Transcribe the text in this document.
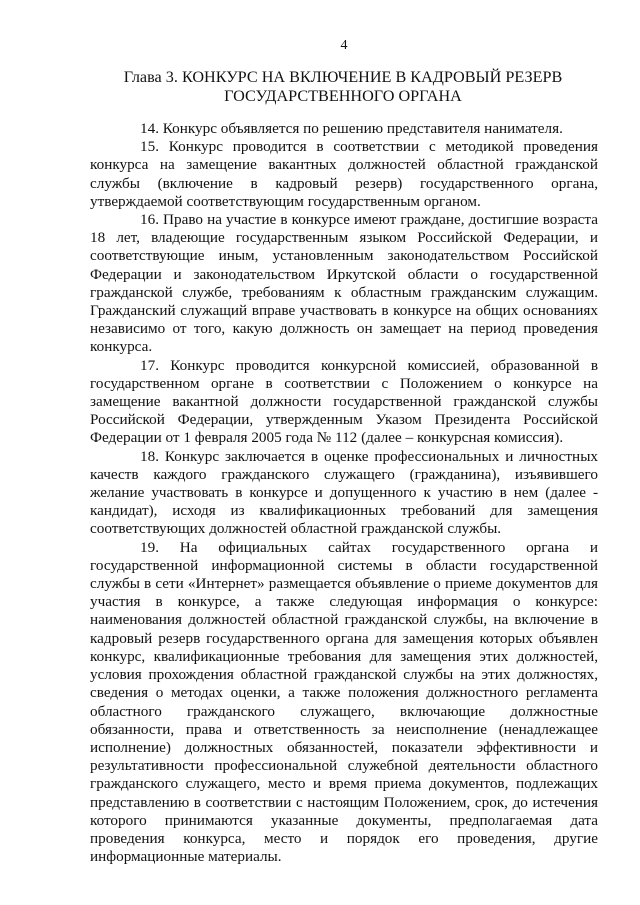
4
Глава 3. КОНКУРС НА ВКЛЮЧЕНИЕ В КАДРОВЫЙ РЕЗЕРВ
ГОСУДАРСТВЕННОГО ОРГАНА

14. Конкурс объявляется по решению представителя нанимателя.

15. Конкурс проводится в соответствии с методикой проведения конкурса на замещение вакантных должностей областной гражданской службы (включение в кадровый резерв) государственного органа, утверждаемой соответствующим государственным органом.

16. Право на участие в конкурсе имеют граждане, достигшие возраста 18 лет, владеющие государственным языком Российской Федерации, и соответствующие иным, установленным законодательством Российской Федерации и законодательством Иркутской области о государственной гражданской службе, требованиям к областным гражданским служащим. Гражданский служащий вправе участвовать в конкурсе на общих основаниях независимо от того, какую должность он замещает на период проведения конкурса.

17. Конкурс проводится конкурсной комиссией, образованной в государственном органе в соответствии с Положением о конкурсе на замещение вакантной должности государственной гражданской службы Российской Федерации, утвержденным Указом Президента Российской Федерации от 1 февраля 2005 года № 112 (далее – конкурсная комиссия).

18. Конкурс заключается в оценке профессиональных и личностных качеств каждого гражданского служащего (гражданина), изъявившего желание участвовать в конкурсе и допущенного к участию в нем (далее - кандидат), исходя из квалификационных требований для замещения соответствующих должностей областной гражданской службы.

19. На официальных сайтах государственного органа и государственной информационной системы в области государственной службы в сети «Интернет» размещается объявление о приеме документов для участия в конкурсе, а также следующая информация о конкурсе: наименования должностей областной гражданской службы, на включение в кадровый резерв государственного органа для замещения которых объявлен конкурс, квалификационные требования для замещения этих должностей, условия прохождения областной гражданской службы на этих должностях, сведения о методах оценки, а также положения должностного регламента областного гражданского служащего, включающие должностные обязанности, права и ответственность за неисполнение (ненадлежащее исполнение) должностных обязанностей, показатели эффективности и результативности профессиональной служебной деятельности областного гражданского служащего, место и время приема документов, подлежащих представлению в соответствии с настоящим Положением, срок, до истечения которого принимаются указанные документы, предполагаемая дата проведения конкурса, место и порядок его проведения, другие информационные материалы.
